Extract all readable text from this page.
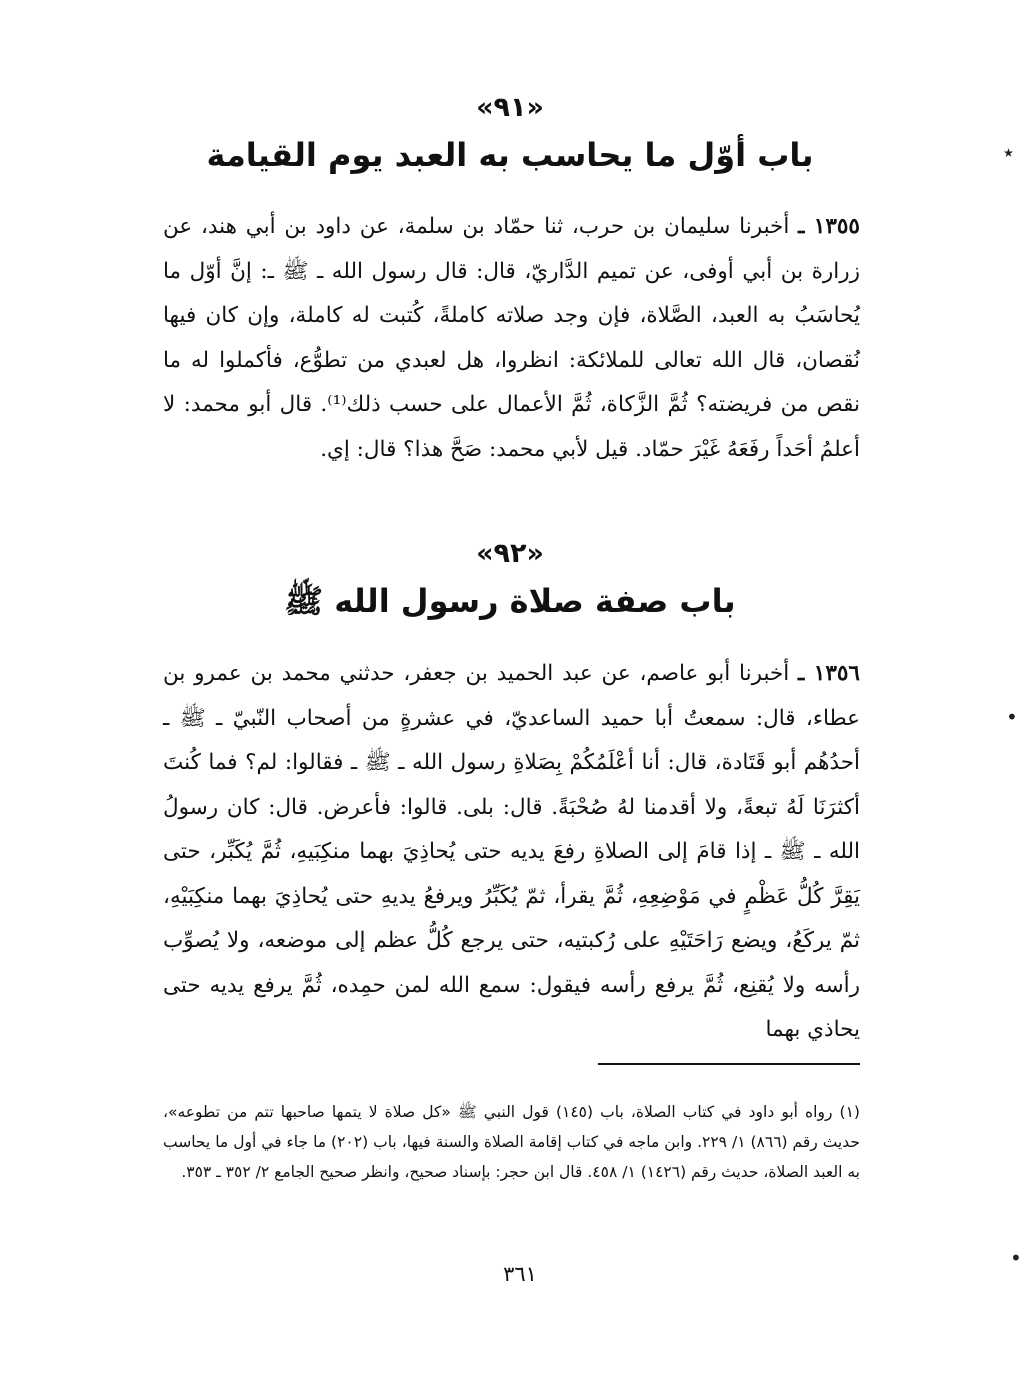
«٩١»
باب أوّل ما يحاسب به العبد يوم القيامة

١٣٥٥ ـ أخبرنا سليمان بن حرب، ثنا حمّاد بن سلمة، عن داود بن أبي هند، عن زرارة بن أبي أوفى، عن تميم الدَّاريّ، قال: قال رسول الله ـ ﷺ ـ: إنَّ أوّل ما يُحاسَبُ به العبد، الصَّلاة، فإن وجد صلاته كاملةً، كُتبت له كاملة، وإن كان فيها نُقصان، قال الله تعالى للملائكة: انظروا، هل لعبدي من تطوُّع، فأكملوا له ما نقص من فريضته؟ ثُمَّ الزَّكاة، ثُمَّ الأعمال على حسب ذلك⁽¹⁾. قال أبو محمد: لا أعلمُ أحَداً رفَعَهُ غَيْرَ حمّاد. قيل لأبي محمد: صَحَّ هذا؟ قال: إي.

«٩٢»
باب صفة صلاة رسول الله ﷺ

١٣٥٦ ـ أخبرنا أبو عاصم، عن عبد الحميد بن جعفر، حدثني محمد بن عمرو بن عطاء، قال: سمعتُ أبا حميد الساعديّ، في عشرةٍ من أصحاب النّبيّ ـ ﷺ ـ أحدُهُم أبو قَتَادة، قال: أنا أعْلَمُكُمْ بِصَلاةِ رسول الله ـ ﷺ ـ فقالوا: لم؟ فما كُنتَ أكثرَنَا لَهُ تبعةً، ولا أقدمنا لهُ صُحْبَةً. قال: بلى. قالوا: فأعرض. قال: كان رسولُ الله ـ ﷺ ـ إذا قامَ إلى الصلاةِ رفعَ يديه حتى يُحاذِيَ بهما منكِبَيهِ، ثُمَّ يُكَبِّر، حتى يَقِرَّ كُلُّ عَظْمٍ في مَوْضِعِهِ، ثُمَّ يقرأ، ثمّ يُكَبِّرُ ويرفعُ يديهِ حتى يُحاذِيَ بهما منكِبَيْهِ، ثمّ يركَعُ، ويضع رَاحَتَيْهِ على رُكبتيه، حتى يرجع كُلُّ عظم إلى موضعه، ولا يُصوِّب رأسه ولا يُقنِع، ثُمَّ يرفع رأسه فيقول: سمع الله لمن حمِده، ثُمَّ يرفع يديه حتى يحاذي بهما

(١) رواه أبو داود في كتاب الصلاة، باب (١٤٥) قول النبي ﷺ «كل صلاة لا يتمها صاحبها تتم من تطوعه»، حديث رقم (٨٦٦) ١/ ٢٢٩. وابن ماجه في كتاب إقامة الصلاة والسنة فيها، باب (٢٠٢) ما جاء في أول ما يحاسب به العبد الصلاة، حديث رقم (١٤٢٦) ١/ ٤٥٨. قال ابن حجر: بإسناد صحيح، وانظر صحيح الجامع ٢/ ٣٥٢ ـ ٣٥٣.

٣٦١
٭
•
•
